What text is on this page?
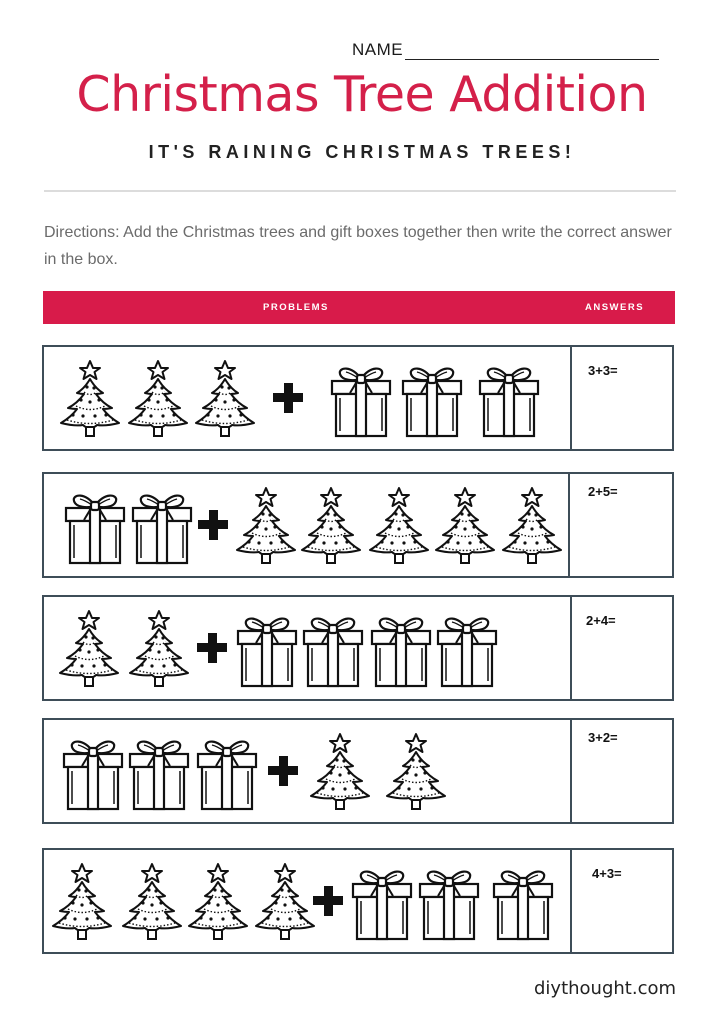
NAME
Christmas Tree Addition
IT'S RAINING CHRISTMAS TREES!
Directions: Add the Christmas trees and gift boxes together then write the correct answer in the box.
PROBLEMS	ANSWERS
3+3=
2+5=
2+4=
3+2=
4+3=
diythought.com
